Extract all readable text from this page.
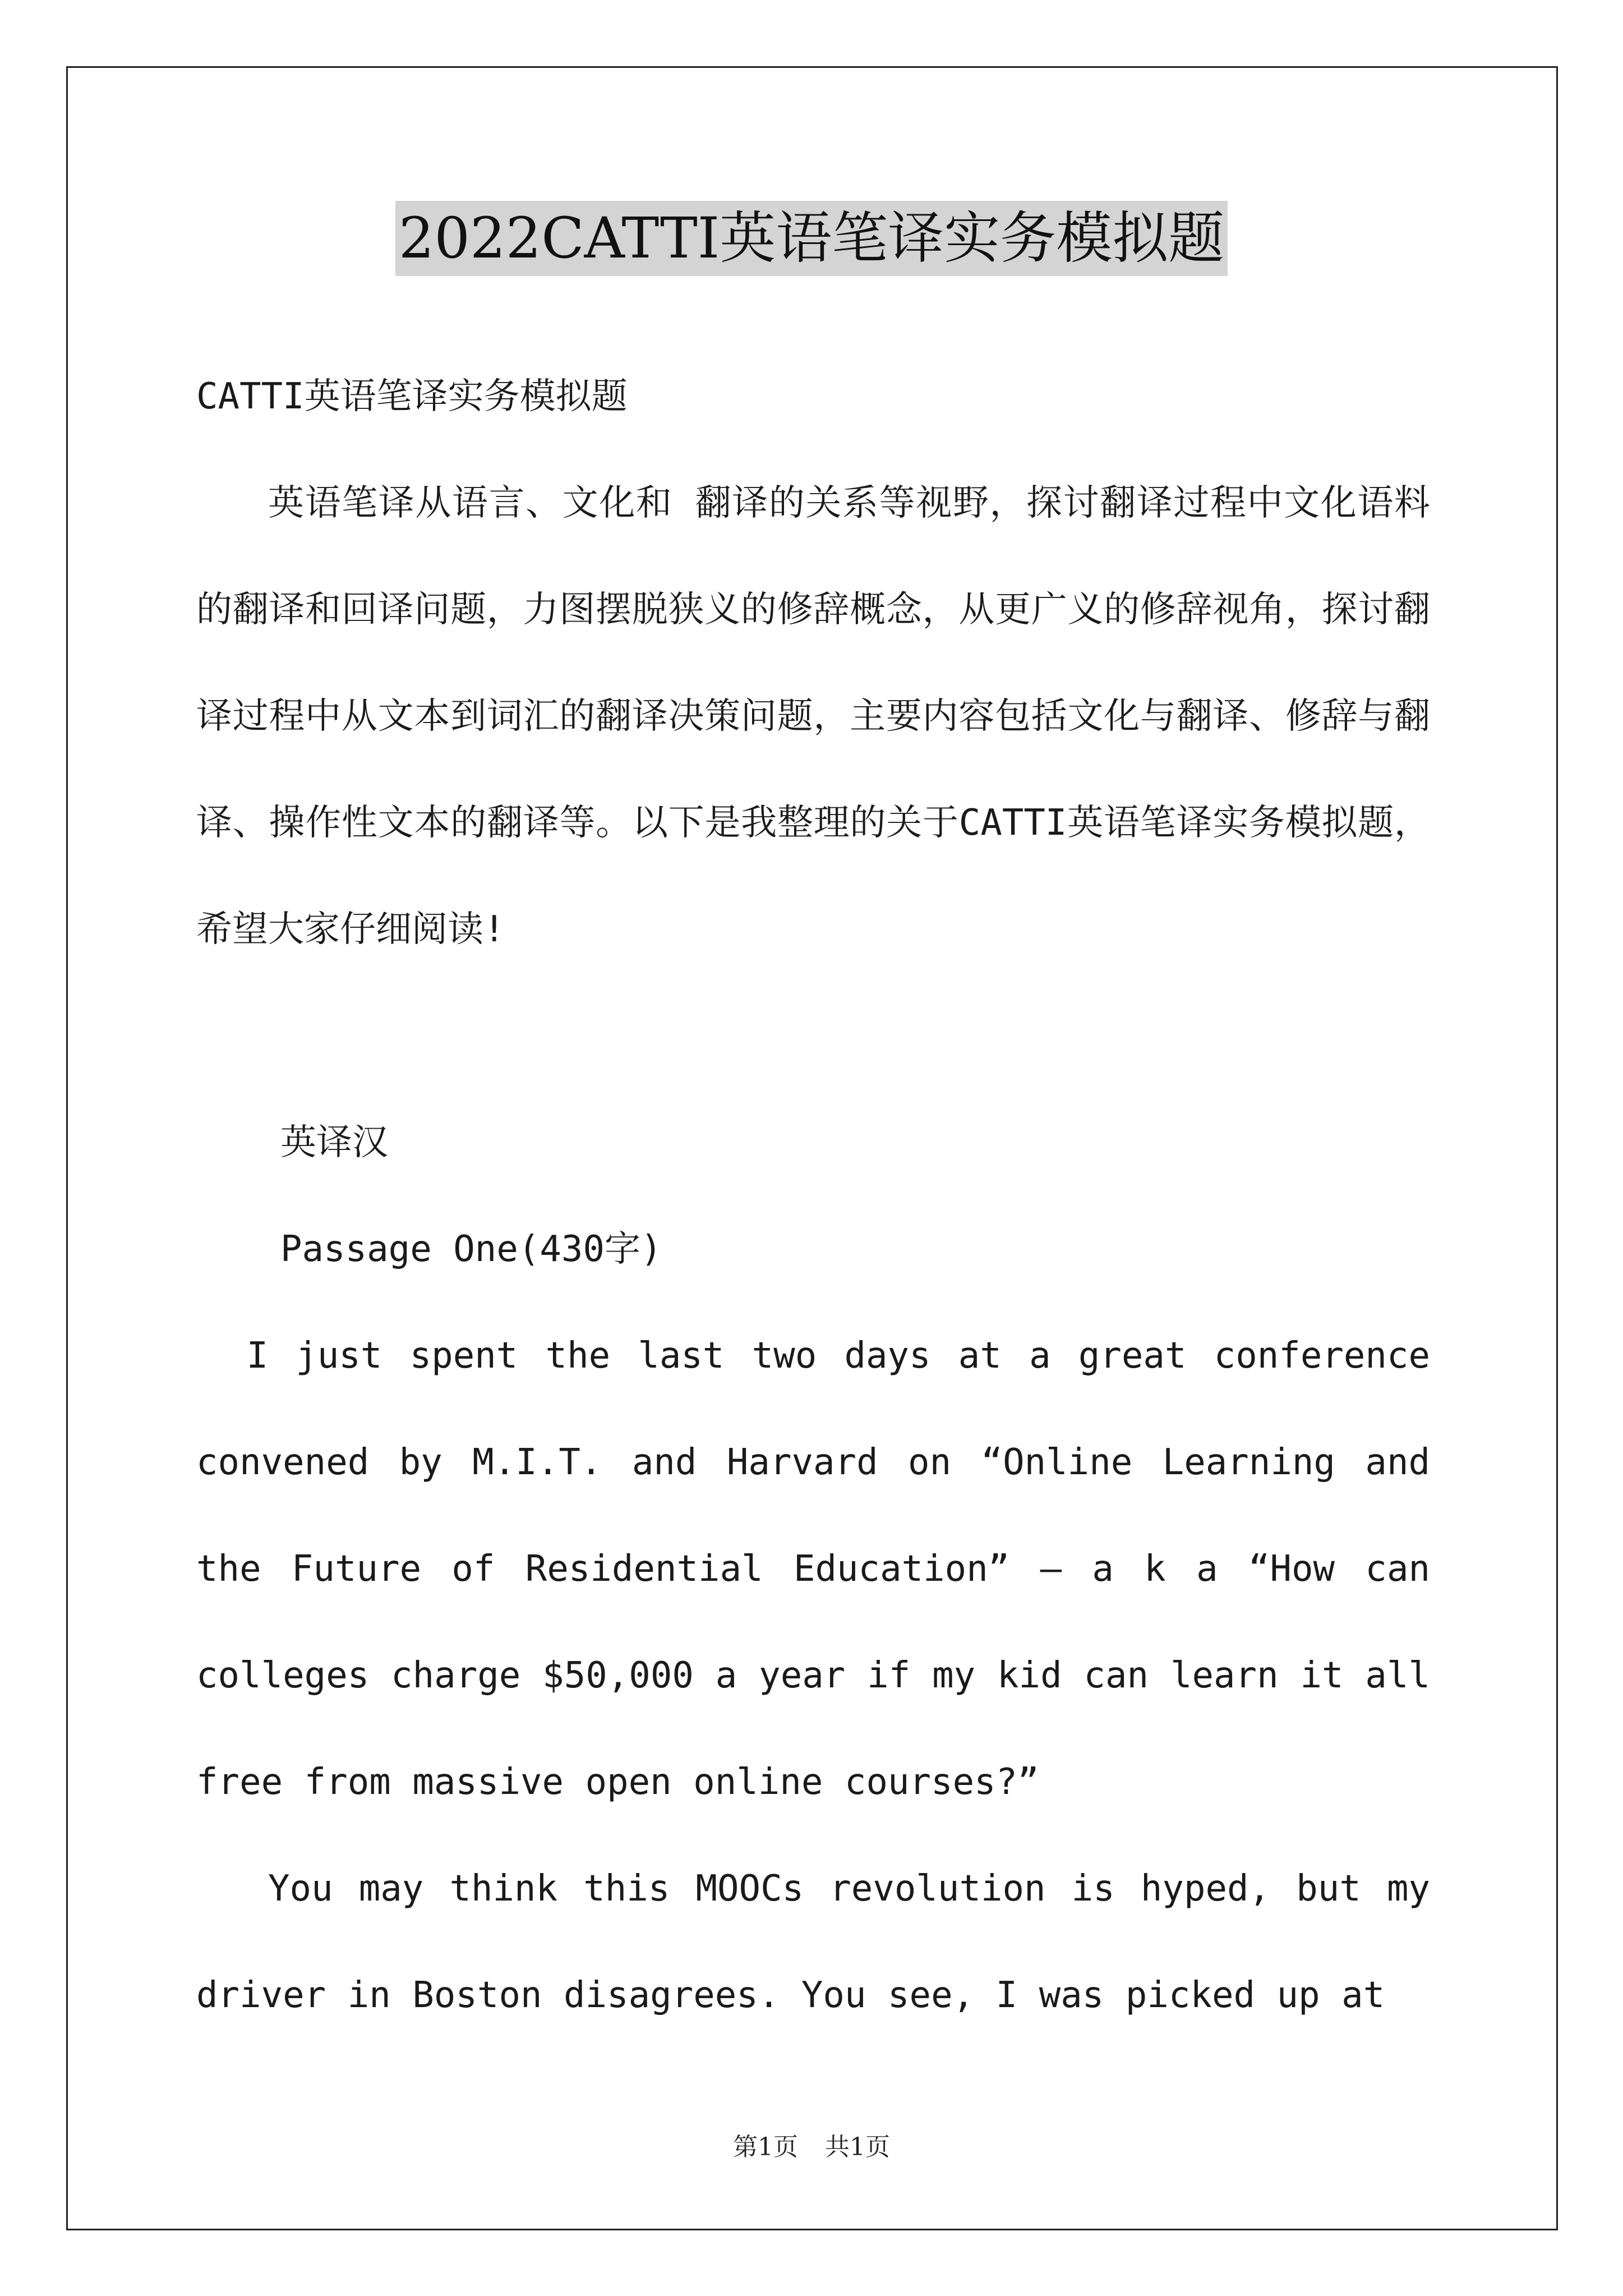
2022CATTI英语笔译实务模拟题

CATTI英语笔译实务模拟题

英语笔译从语言、文化和 翻译的关系等视野，探讨翻译过程中文化语料的翻译和回译问题，力图摆脱狭义的修辞概念，从更广义的修辞视角，探讨翻译过程中从文本到词汇的翻译决策问题，主要内容包括文化与翻译、修辞与翻译、操作性文本的翻译等。以下是我整理的关于CATTI英语笔译实务模拟题，希望大家仔细阅读!

英译汉

Passage One(430字)

I just spent the last two days at a great conference convened by M.I.T. and Harvard on “Online Learning and the Future of Residential Education” — a k a “How can colleges charge $50,000 a year if my kid can learn it all free from massive open online courses?”

You may think this MOOCs revolution is hyped, but my driver in Boston disagrees. You see, I was picked up at

第1页 共1页
